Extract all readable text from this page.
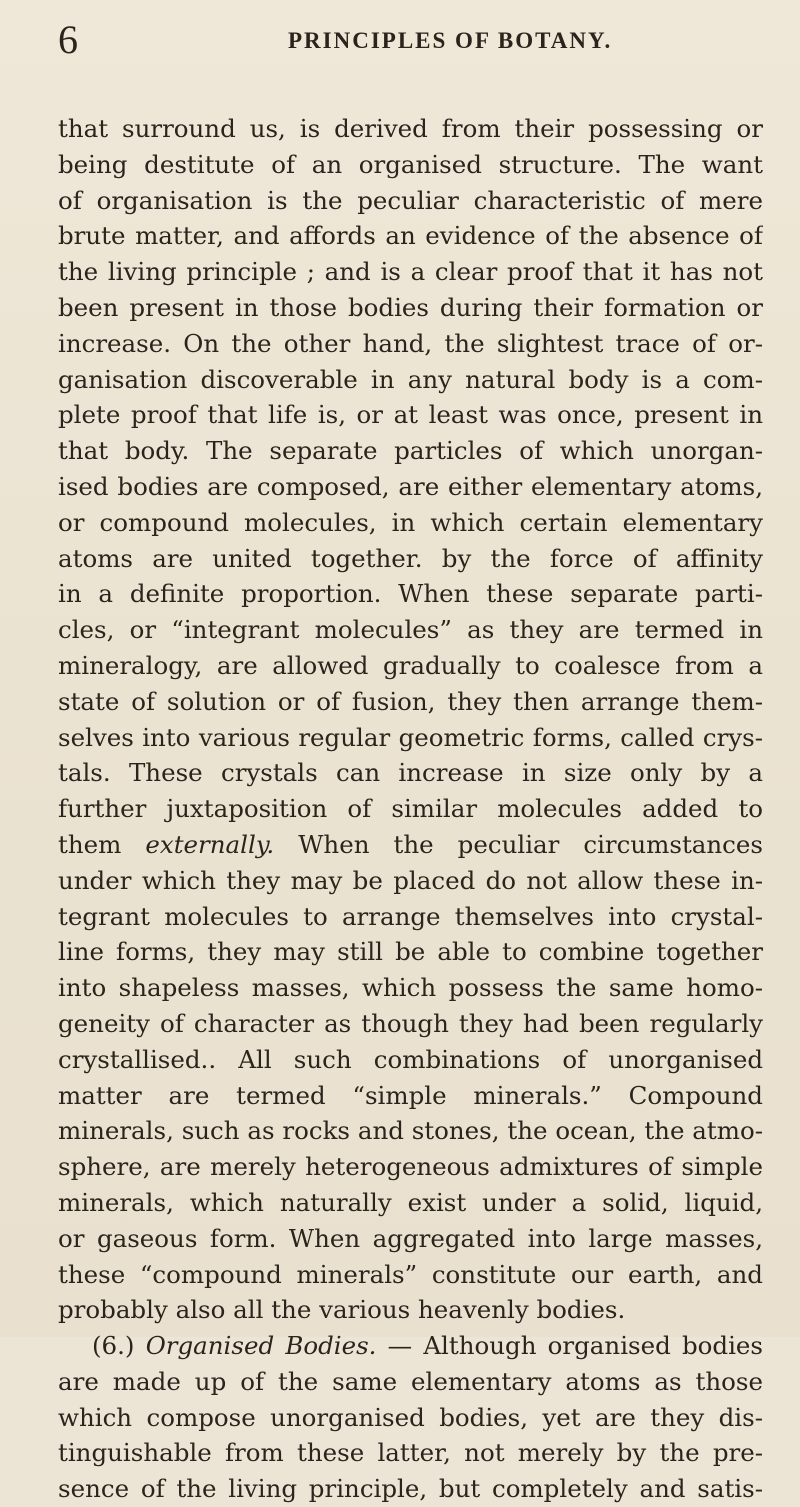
6	PRINCIPLES OF BOTANY.
that surround us, is derived from their possessing or
being destitute of an organised structure. The want
of organisation is the peculiar characteristic of mere
brute matter, and affords an evidence of the absence of
the living principle ; and is a clear proof that it has not
been present in those bodies during their formation or
increase. On the other hand, the slightest trace of or-
ganisation discoverable in any natural body is a com-
plete proof that life is, or at least was once, present in
that body. The separate particles of which unorgan-
ised bodies are composed, are either elementary atoms,
or compound molecules, in which certain elementary
atoms are united together. by the force of affinity
in a definite proportion. When these separate parti-
cles, or “integrant molecules” as they are termed in
mineralogy, are allowed gradually to coalesce from a
state of solution or of fusion, they then arrange them-
selves into various regular geometric forms, called crys-
tals. These crystals can increase in size only by a
further juxtaposition of similar molecules added to
them externally. When the peculiar circumstances
under which they may be placed do not allow these in-
tegrant molecules to arrange themselves into crystal-
line forms, they may still be able to combine together
into shapeless masses, which possess the same homo-
geneity of character as though they had been regularly
crystallised.. All such combinations of unorganised
matter are termed “simple minerals.” Compound
minerals, such as rocks and stones, the ocean, the atmo-
sphere, are merely heterogeneous admixtures of simple
minerals, which naturally exist under a solid, liquid,
or gaseous form. When aggregated into large masses,
these “compound minerals” constitute our earth, and
probably also all the various heavenly bodies.
(6.) Organised Bodies. — Although organised bodies
are made up of the same elementary atoms as those
which compose unorganised bodies, yet are they dis-
tinguishable from these latter, not merely by the pre-
sence of the living principle, but completely and satis-
